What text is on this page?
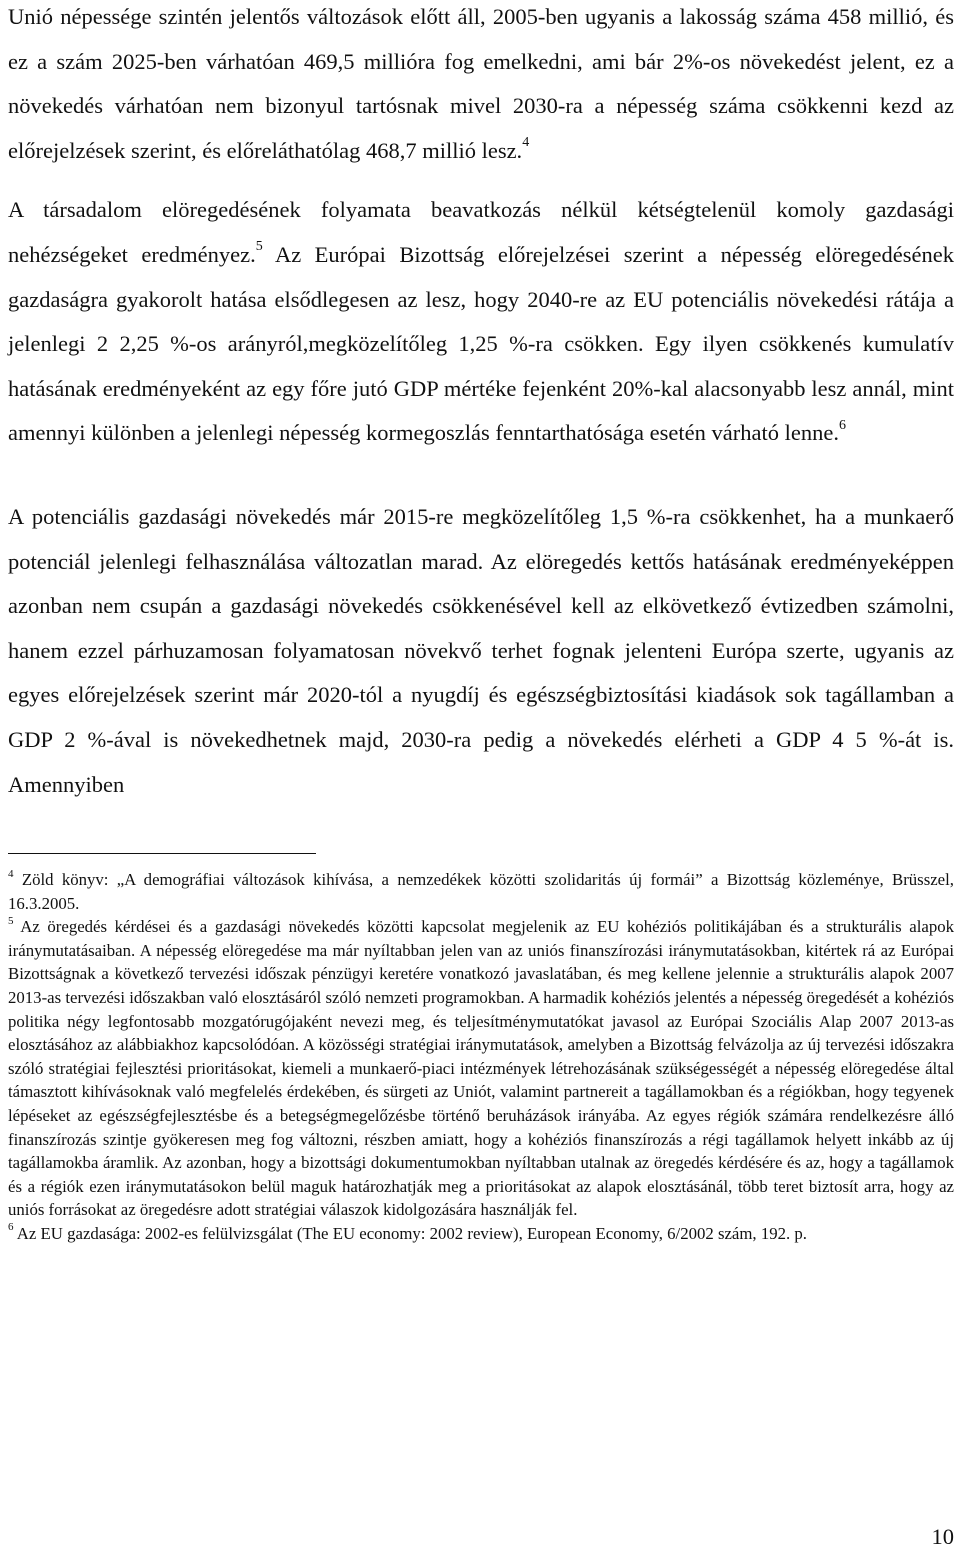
Unió népessége szintén jelentős változások előtt áll, 2005-ben ugyanis a lakosság száma 458 millió, és ez a szám 2025-ben várhatóan 469,5 millióra fog emelkedni, ami bár 2%-os növekedést jelent, ez a növekedés várhatóan nem bizonyul tartósnak mivel 2030-ra a népesség száma csökkenni kezd az előrejelzések szerint, és előreláthatólag 468,7 millió lesz.$^4$

A társadalom elöregedésének folyamata beavatkozás nélkül kétségtelenül komoly gazdasági nehézségeket eredményez.$^5$ Az Európai Bizottság előrejelzései szerint a népesség elöregedésének gazdaságra gyakorolt hatása elsődlegesen az lesz, hogy 2040-re az EU potenciális növekedési rátája a jelenlegi 2 2,25 %-os arányról,megközelítőleg 1,25 %-ra csökken. Egy ilyen csökkenés kumulatív hatásának eredményeként az egy főre jutó GDP mértéke fejenként 20%-kal alacsonyabb lesz annál, mint amennyi különben a jelenlegi népesség kormegoszlás fenntarthatósága esetén várható lenne.$^6$

A potenciális gazdasági növekedés már 2015-re megközelítőleg 1,5 %-ra csökkenhet, ha a munkaerő potenciál jelenlegi felhasználása változatlan marad. Az elöregedés kettős hatásának eredményeképpen azonban nem csupán a gazdasági növekedés csökkenésével kell az elkövetkező évtizedben számolni, hanem ezzel párhuzamosan folyamatosan növekvő terhet fognak jelenteni Európa szerte, ugyanis az egyes előrejelzések szerint már 2020-tól a nyugdíj és egészségbiztosítási kiadások sok tagállamban a GDP 2 %-ával is növekedhetnek majd, 2030-ra pedig a növekedés elérheti a GDP 4 5 %-át is. Amennyiben

$^4$ Zöld könyv: „A demográfiai változások kihívása, a nemzedékek közötti szolidaritás új formái” a Bizottság közleménye, Brüsszel, 16.3.2005.

$^5$ Az öregedés kérdései és a gazdasági növekedés közötti kapcsolat megjelenik az EU kohéziós politikájában és a strukturális alapok iránymutatásaiban. A népesség elöregedése ma már nyíltabban jelen van az uniós finanszírozási iránymutatásokban, kitértek rá az Európai Bizottságnak a következő tervezési időszak pénzügyi keretére vonatkozó javaslatában, és meg kellene jelennie a strukturális alapok 2007 2013-as tervezési időszakban való elosztásáról szóló nemzeti programokban. A harmadik kohéziós jelentés a népesség öregedését a kohéziós politika négy legfontosabb mozgatórugójaként nevezi meg, és teljesítménymutatókat javasol az Európai Szociális Alap 2007 2013-as elosztásához az alábbiakhoz kapcsolódóan. A közösségi stratégiai iránymutatások, amelyben a Bizottság felvázolja az új tervezési időszakra szóló stratégiai fejlesztési prioritásokat, kiemeli a munkaerő-piaci intézmények létrehozásának szükségességét a népesség elöregedése által támasztott kihívásoknak való megfelelés érdekében, és sürgeti az Uniót, valamint partnereit a tagállamokban és a régiókban, hogy tegyenek lépéseket az egészségfejlesztésbe és a betegségmegelőzésbe történő beruházások irányába. Az egyes régiók számára rendelkezésre álló finanszírozás szintje gyökeresen meg fog változni, részben amiatt, hogy a kohéziós finanszírozás a régi tagállamok helyett inkább az új tagállamokba áramlik. Az azonban, hogy a bizottsági dokumentumokban nyíltabban utalnak az öregedés kérdésére és az, hogy a tagállamok és a régiók ezen iránymutatásokon belül maguk határozhatják meg a prioritásokat az alapok elosztásánál, több teret biztosít arra, hogy az uniós forrásokat az öregedésre adott stratégiai válaszok kidolgozására használják fel.

$^6$ Az EU gazdasága: 2002-es felülvizsgálat (The EU economy: 2002 review), European Economy, 6/2002 szám, 192. p.

10
